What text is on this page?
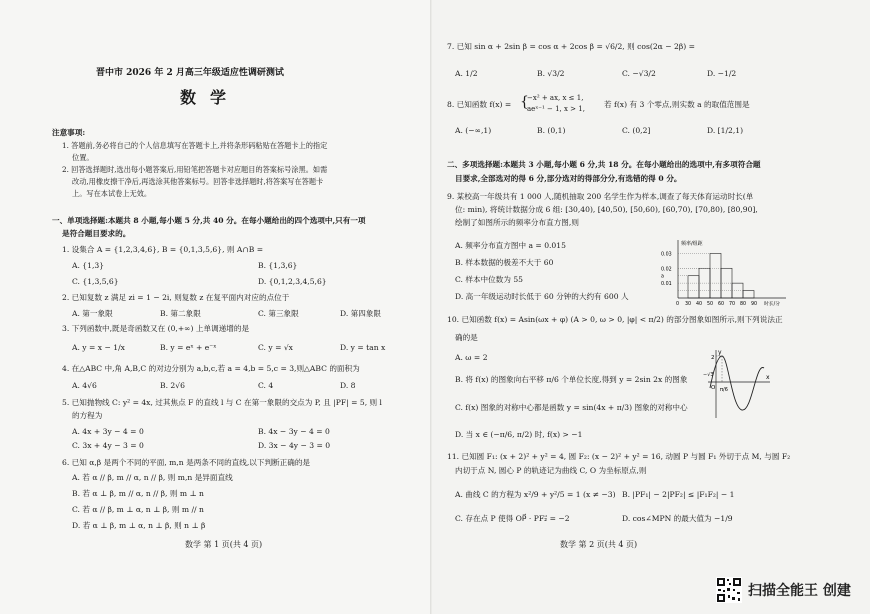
晋中市 2026 年 2 月高三年级适应性调研测试
数学
注意事项:
1. 答题前,务必将自己的个人信息填写在答题卡上,并将条形码粘贴在答题卡上的指定
位置。
2. 回答选择题时,选出每小题答案后,用铅笔把答题卡对应题目的答案标号涂黑。如需
改动,用橡皮擦干净后,再选涂其他答案标号。回答非选择题时,将答案写在答题卡
上。写在本试卷上无效。
一、单项选择题:本题共 8 小题,每小题 5 分,共 40 分。在每小题给出的四个选项中,只有一项
是符合题目要求的。
1. 设集合 A = {1,2,3,4,6}, B = {0,1,3,5,6}, 则 A∩B =
A. {1,3}	B. {1,3,6}
C. {1,3,5,6}	D. {0,1,2,3,4,5,6}
2. 已知复数 z 满足 zi = 1 − 2i, 则复数 z 在复平面内对应的点位于
A. 第一象限	B. 第二象限	C. 第三象限	D. 第四象限
3. 下列函数中,既是奇函数又在 (0,+∞) 上单调递增的是
A. y = x − 1/x	B. y = eˣ + e⁻ˣ	C. y = √x	D. y = tan x
4. 在△ABC 中,角 A,B,C 的对边分别为 a,b,c,若 a = 4,b = 5,c = 3,则△ABC 的面积为
A. 4√6	B. 2√6	C. 4	D. 8
5. 已知抛物线 C: y² = 4x, 过其焦点 F 的直线 l 与 C 在第一象限的交点为 P, 且 |PF| = 5, 则 l
的方程为
A. 4x + 3y − 4 = 0	B. 4x − 3y − 4 = 0
C. 3x + 4y − 3 = 0	D. 3x − 4y − 3 = 0
6. 已知 α,β 是两个不同的平面, m,n 是两条不同的直线,以下判断正确的是
A. 若 α // β, m // α, n // β, 则 m,n 是异面直线
B. 若 α ⊥ β, m // α, n // β, 则 m ⊥ n
C. 若 α // β, m ⊥ α, n ⊥ β, 则 m // n
D. 若 α ⊥ β, m ⊥ α, n ⊥ β, 则 n ⊥ β
数学 第 1 页(共 4 页)
7. 已知 sin α + 2sin β = cos α + 2cos β = √6/2, 则 cos(2α − 2β) =
A. 1/2	B. √3/2	C. −√3/2	D. −1/2
8. 已知函数 f(x) = {
−x² + ax, x ≤ 1,
aeˣ⁻¹ − 1, x > 1,	若 f(x) 有 3 个零点,则实数 a 的取值范围是
A. (−∞,1)	B. (0,1)	C. (0,2]	D. [1/2,1)
二、多项选择题:本题共 3 小题,每小题 6 分,共 18 分。在每小题给出的选项中,有多项符合题
目要求,全部选对的得 6 分,部分选对的得部分分,有选错的得 0 分。
9. 某校高一年级共有 1 000 人,随机抽取 200 名学生作为样本,调查了每天体育运动时长(单
位: min), 将统计数据分成 6 组: [30,40), [40,50), [50,60), [60,70), [70,80), [80,90],
绘制了如图所示的频率分布直方图,则
A. 频率分布直方图中 a = 0.015
B. 样本数据的极差不大于 60
C. 样本中位数为 55
D. 高一年级运动时长低于 60 分钟的大约有 600 人
频率/组距
0.03
0.02
0.01
a
0 30 40 50 60 70 80 90 时长/分
10. 已知函数 f(x) = Asin(ωx + φ) (A > 0, ω > 0, |φ| < π/2) 的部分图象如图所示,则下列说法正
确的是
A. ω = 2
B. 将 f(x) 的图象向右平移 π/6 个单位长度,得到 y = 2sin 2x 的图象
C. f(x) 图象的对称中心都是函数 y = sin(4x + π/3) 图象的对称中心
D. 当 x ∈ (−π/6, π/2) 时, f(x) > −1
y
x
O
2
−√3
π/6
11. 已知圆 F₁: (x + 2)² + y² = 4, 圆 F₂: (x − 2)² + y² = 16, 动圆 P 与圆 F₁ 外切于点 M, 与圆 F₂
内切于点 N, 圆心 P 的轨迹记为曲线 C, O 为坐标原点,则
A. 曲线 C 的方程为 x²/9 + y²/5 = 1 (x ≠ −3) B. |PF₁| − 2|PF₂| ≤ |F₁F₂| − 1
C. 存在点 P 使得 OP⃗ · PF₂⃗ = −2	D. cos∠MPN 的最大值为 −1/9
数学 第 2 页(共 4 页)
扫描全能王 创建
